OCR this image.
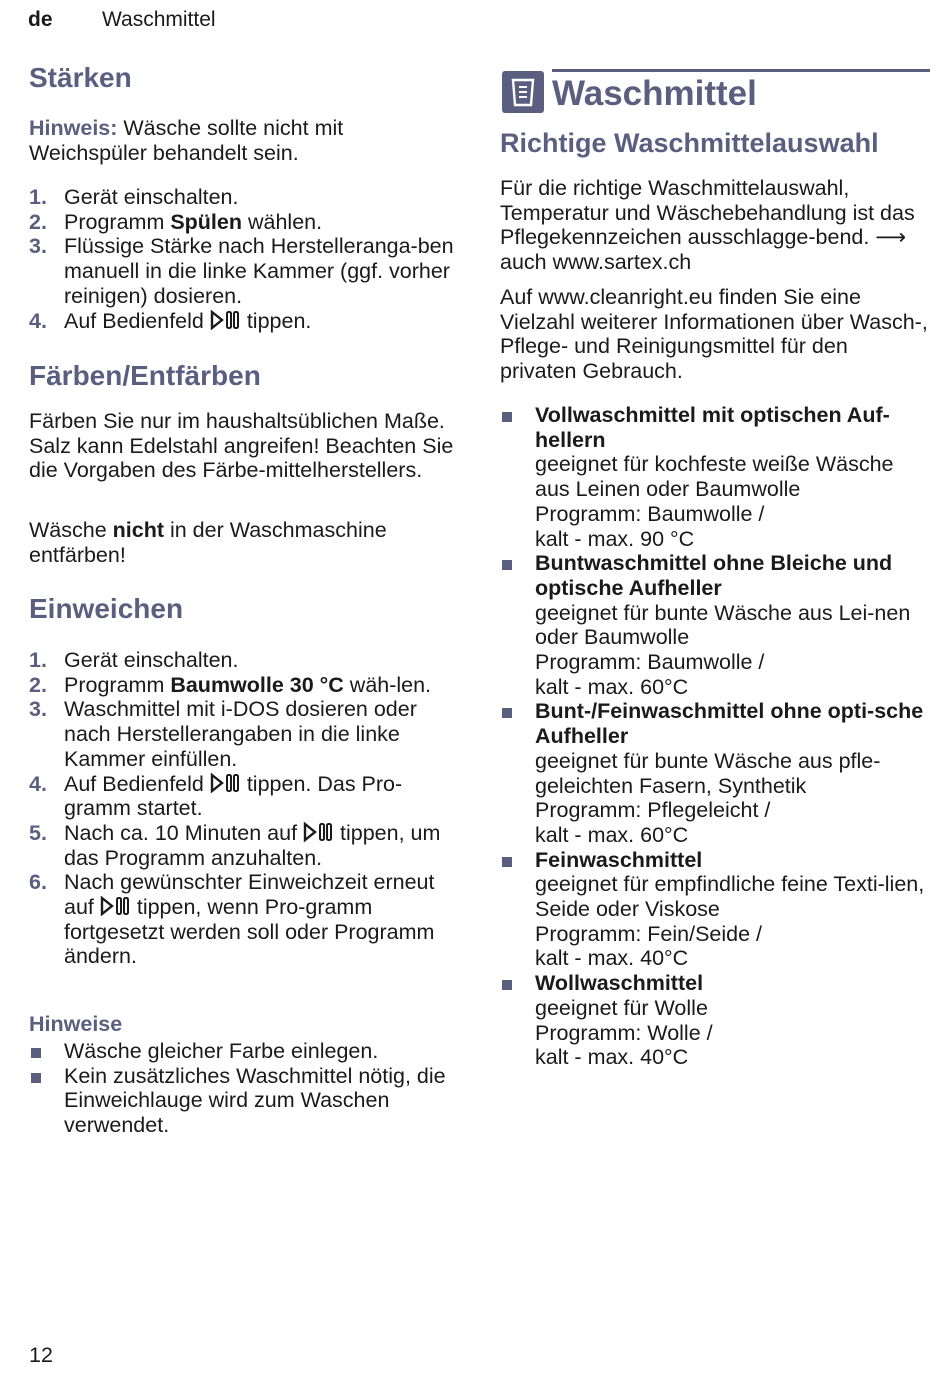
de Waschmittel
Stärken
Hinweis: Wäsche sollte nicht mit Weichspüler behandelt sein.
1. Gerät einschalten.
2. Programm Spülen wählen.
3. Flüssige Stärke nach Herstelleranga-ben manuell in die linke Kammer (ggf. vorher reinigen) dosieren.
4. Auf Bedienfeld  tippen.
Färben/Entfärben
Färben Sie nur im haushaltsüblichen Maße. Salz kann Edelstahl angreifen! Beachten Sie die Vorgaben des Färbe-mittelherstellers.
Wäsche nicht in der Waschmaschine entfärben!
Einweichen
1. Gerät einschalten.
2. Programm Baumwolle 30 °C wäh-len.
3. Waschmittel mit i-DOS dosieren oder nach Herstellerangaben in die linke Kammer einfüllen.
4. Auf Bedienfeld  tippen. Das Pro-gramm startet.
5. Nach ca. 10 Minuten auf  tippen, um das Programm anzuhalten.
6. Nach gewünschter Einweichzeit erneut auf  tippen, wenn Pro-gramm fortgesetzt werden soll oder Programm ändern.
Hinweise
Wäsche gleicher Farbe einlegen.
Kein zusätzliches Waschmittel nötig, die Einweichlauge wird zum Waschen verwendet.
Waschmittel
Richtige Waschmittelauswahl
Für die richtige Waschmittelauswahl, Temperatur und Wäschebehandlung ist das Pflegekennzeichen ausschlagge-bend. ⟶ auch www.sartex.ch
Auf www.cleanright.eu finden Sie eine Vielzahl weiterer Informationen über Wasch-, Pflege- und Reinigungsmittel für den privaten Gebrauch.
Vollwaschmittel mit optischen Auf-hellern
geeignet für kochfeste weiße Wäsche aus Leinen oder Baumwolle
Programm: Baumwolle /
kalt - max. 90 °C
Buntwaschmittel ohne Bleiche und optische Aufheller
geeignet für bunte Wäsche aus Lei-nen oder Baumwolle
Programm: Baumwolle /
kalt - max. 60°C
Bunt-/Feinwaschmittel ohne opti-sche Aufheller
geeignet für bunte Wäsche aus pfle-geleichten Fasern, Synthetik
Programm: Pflegeleicht /
kalt - max. 60°C
Feinwaschmittel
geeignet für empfindliche feine Texti-lien, Seide oder Viskose
Programm: Fein/Seide /
kalt - max. 40°C
Wollwaschmittel
geeignet für Wolle
Programm: Wolle /
kalt - max. 40°C
12
